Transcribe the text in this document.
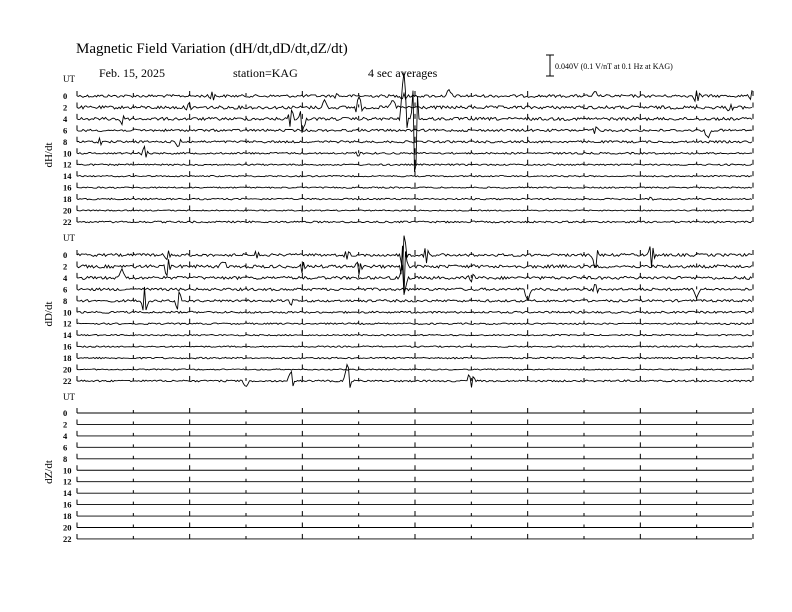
Magnetic Field Variation (dH/dt,dD/dt,dZ/dt)
Feb. 15, 2025	station=KAG	4 sec averages	0.040V (0.1 V/nT at 0.1 Hz at KAG)
UT
dH/dt
0
2
4
6
8
10
12
14
16
18
20
22
UT
dD/dt
0
2
4
6
8
10
12
14
16
18
20
22
UT
dZ/dt
0
2
4
6
8
10
12
14
16
18
20
22
